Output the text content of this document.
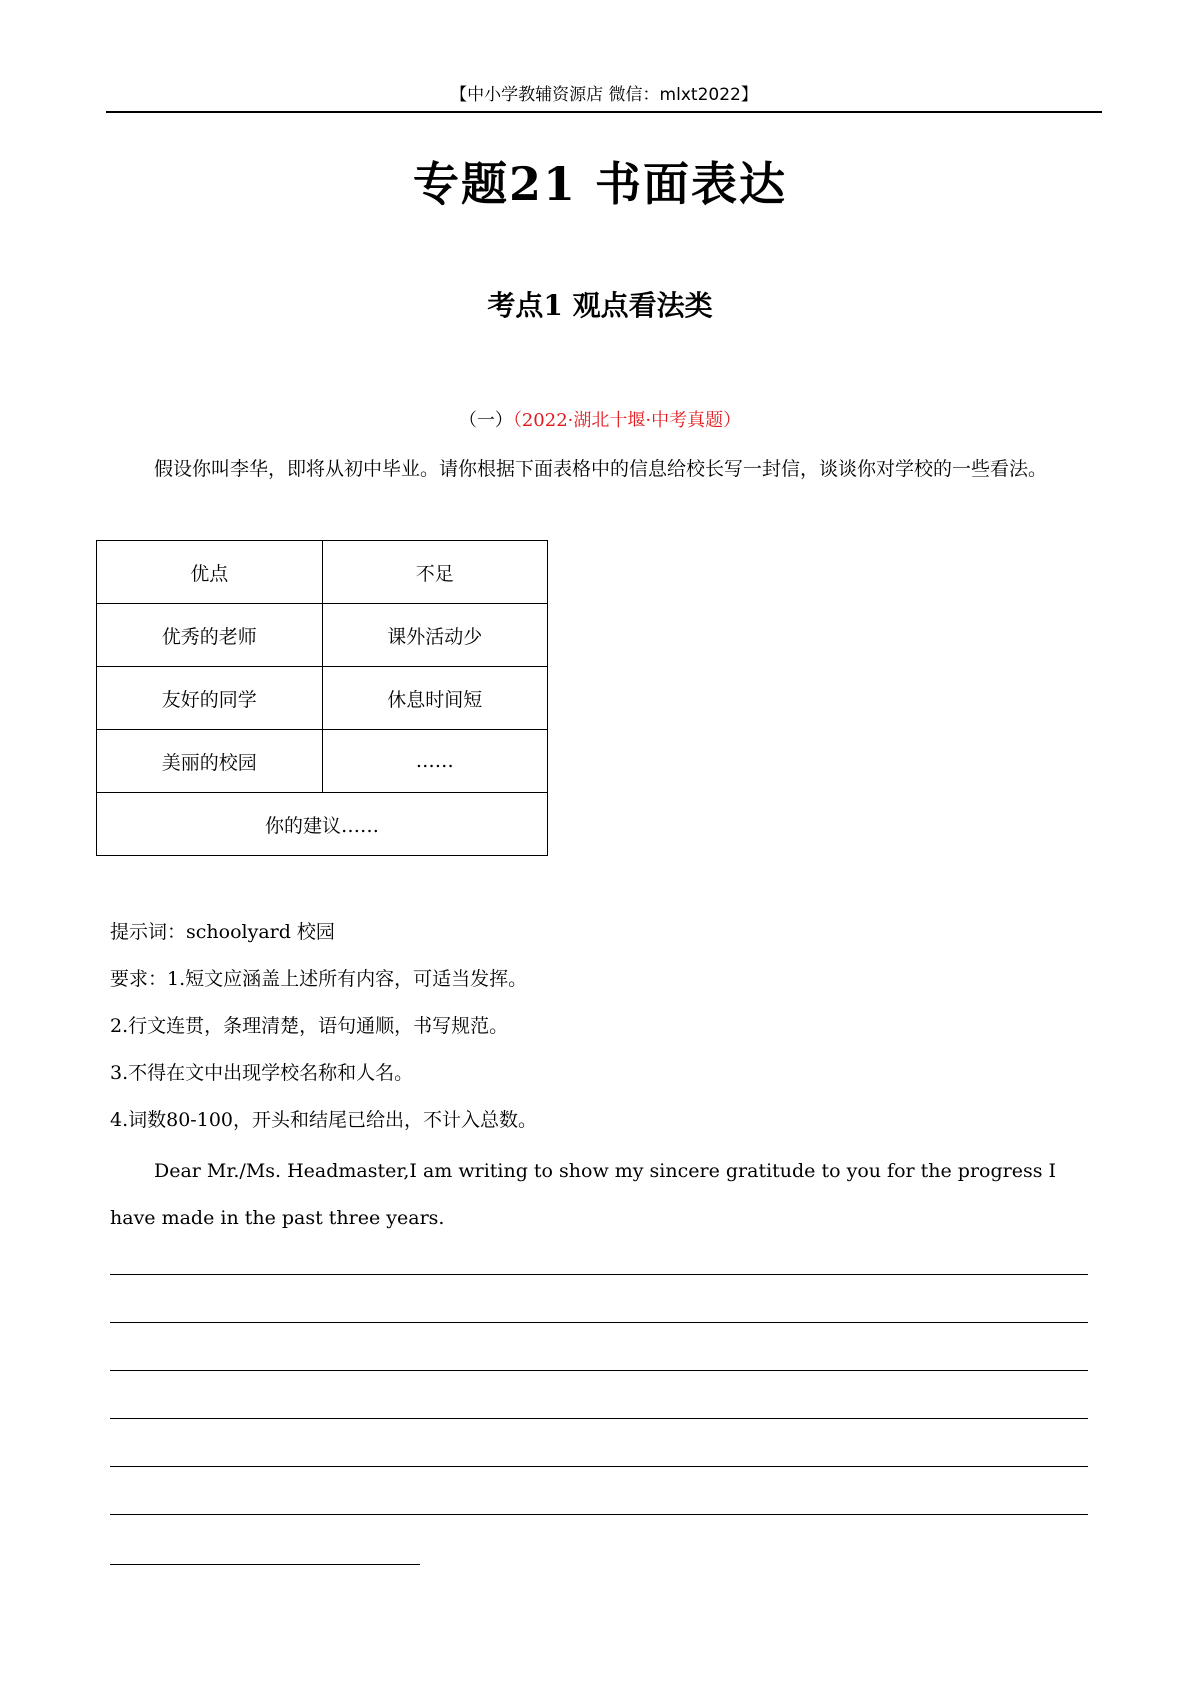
【中小学教辅资源店 微信：mlxt2022】
专题21 书面表达
考点1 观点看法类
（一）（2022·湖北十堰·中考真题）
假设你叫李华，即将从初中毕业。请你根据下面表格中的信息给校长写一封信，谈谈你对学校的一些看法。
优点	不足
优秀的老师	课外活动少
友好的同学	休息时间短
美丽的校园	……
你的建议……	
提示词：schoolyard 校园
要求：1.短文应涵盖上述所有内容，可适当发挥。
2.行文连贯，条理清楚，语句通顺，书写规范。
3.不得在文中出现学校名称和人名。
4.词数80-100，开头和结尾已给出，不计入总数。
Dear Mr./Ms. Headmaster,I am writing to show my sincere gratitude to you for the progress I have made in the past three years.
